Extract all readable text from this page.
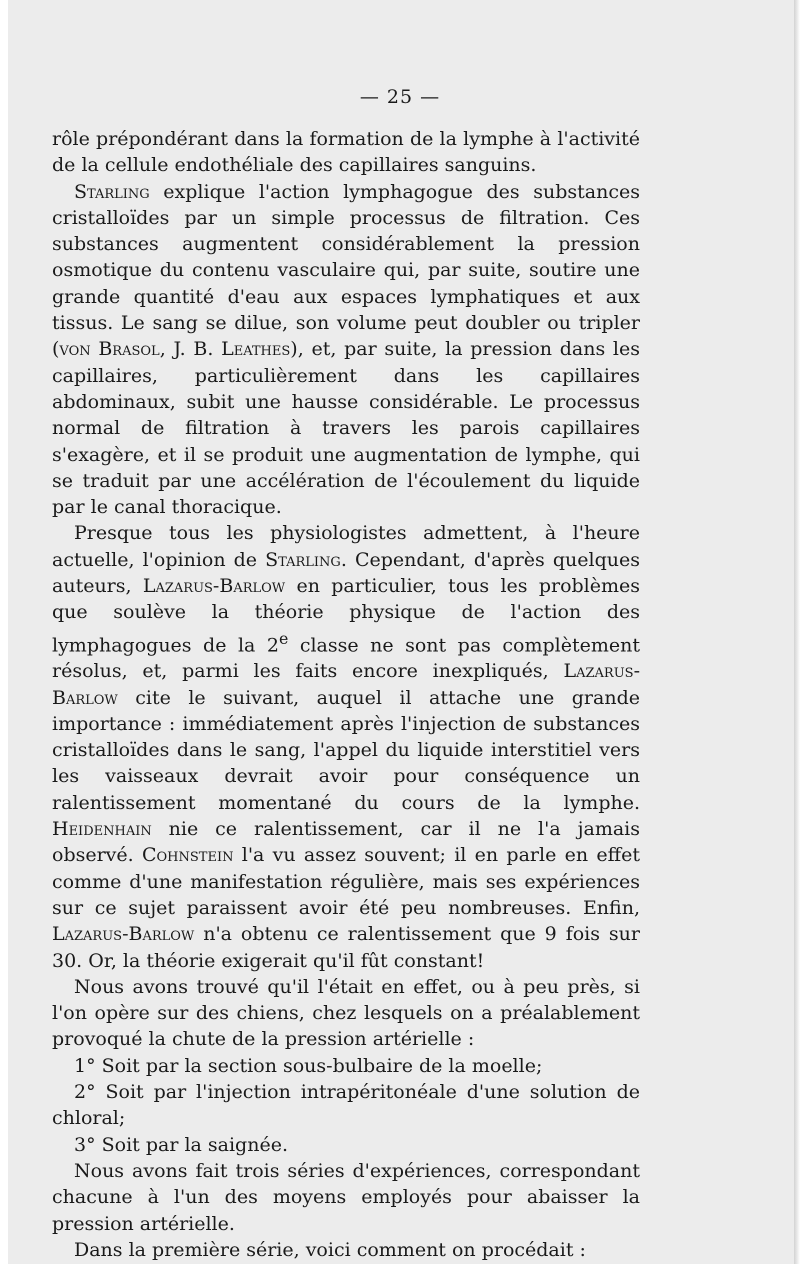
— 25 —

rôle prépondérant dans la formation de la lymphe à l'activité de la cellule endothéliale des capillaires sanguins.

Starling explique l'action lymphagogue des substances cristalloïdes par un simple processus de filtration. Ces substances augmentent considérablement la pression osmotique du contenu vasculaire qui, par suite, soutire une grande quantité d'eau aux espaces lymphatiques et aux tissus. Le sang se dilue, son volume peut doubler ou tripler (von Brasol, J. B. Leathes), et, par suite, la pression dans les capillaires, particulièrement dans les capillaires abdominaux, subit une hausse considérable. Le processus normal de filtration à travers les parois capillaires s'exagère, et il se produit une augmentation de lymphe, qui se traduit par une accélération de l'écoulement du liquide par le canal thoracique.

Presque tous les physiologistes admettent, à l'heure actuelle, l'opinion de Starling. Cependant, d'après quelques auteurs, Lazarus-Barlow en particulier, tous les problèmes que soulève la théorie physique de l'action des lymphagogues de la 2e classe ne sont pas complètement résolus, et, parmi les faits encore inexpliqués, Lazarus-Barlow cite le suivant, auquel il attache une grande importance : immédiatement après l'injection de substances cristalloïdes dans le sang, l'appel du liquide interstitiel vers les vaisseaux devrait avoir pour conséquence un ralentissement momentané du cours de la lymphe. Heidenhain nie ce ralentissement, car il ne l'a jamais observé. Cohnstein l'a vu assez souvent; il en parle en effet comme d'une manifestation régulière, mais ses expériences sur ce sujet paraissent avoir été peu nombreuses. Enfin, Lazarus-Barlow n'a obtenu ce ralentissement que 9 fois sur 30. Or, la théorie exigerait qu'il fût constant!

Nous avons trouvé qu'il l'était en effet, ou à peu près, si l'on opère sur des chiens, chez lesquels on a préalablement provoqué la chute de la pression artérielle :

1° Soit par la section sous-bulbaire de la moelle;

2° Soit par l'injection intrapéritonéale d'une solution de chloral;

3° Soit par la saignée.

Nous avons fait trois séries d'expériences, correspondant chacune à l'un des moyens employés pour abaisser la pression artérielle.

Dans la première série, voici comment on procédait :
